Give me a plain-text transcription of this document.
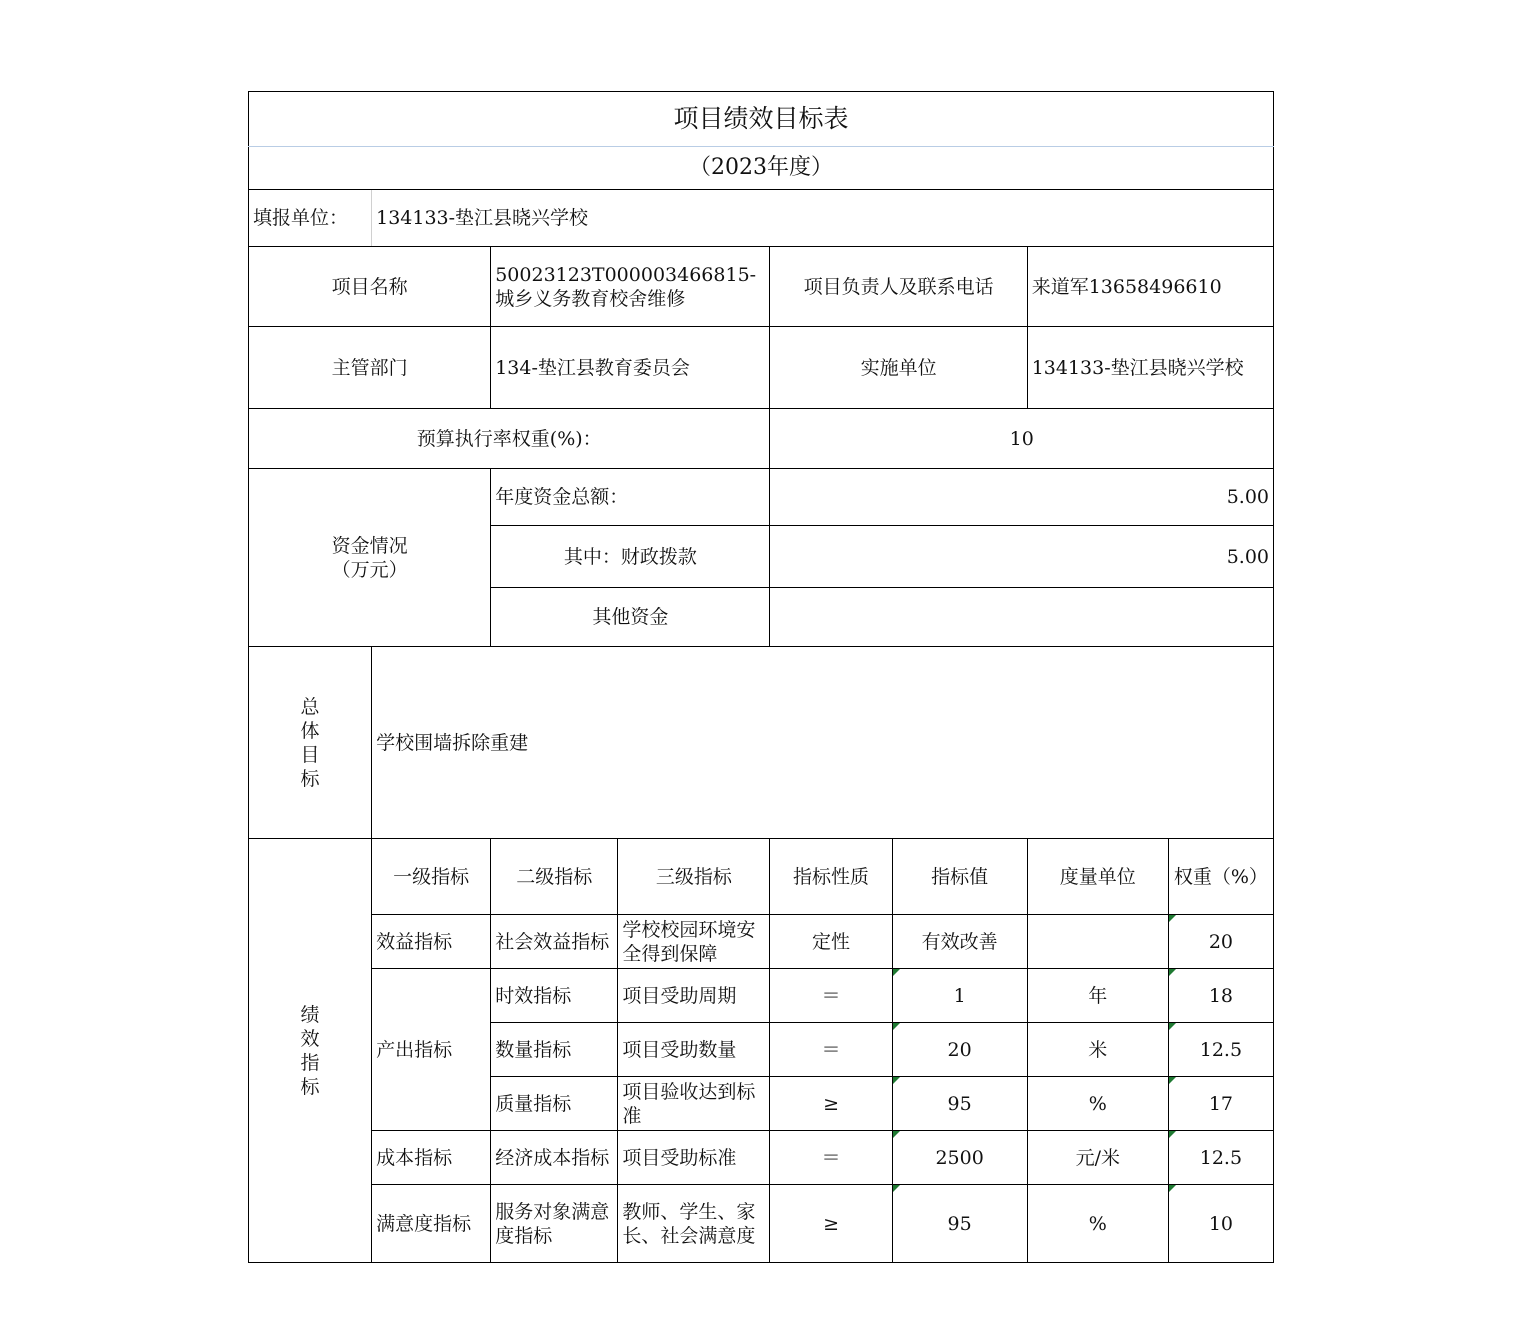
项目绩效目标表							
（2023年度）							
填报单位：	134133-垫江县晓兴学校						
项目名称		50023123T000003466815-城乡义务教育校舍维修		项目负责人及联系电话		来道军13658496610	
主管部门		134-垫江县教育委员会		实施单位		134133-垫江县晓兴学校	
预算执行率权重(%)：				10			
资金情况（万元）		年度资金总额：		5.00			
		其中：财政拨款		5.00			
		其他资金					
总体目标	学校围墙拆除重建						
绩效指标	一级指标	二级指标	三级指标	指标性质	指标值	度量单位	权重（%）
	效益指标	社会效益指标	学校校园环境安全得到保障	定性	有效改善		20
	产出指标	时效指标	项目受助周期	＝	1	年	18
		数量指标	项目受助数量	＝	20	米	12.5
		质量指标	项目验收达到标准	≥	95	%	17
	成本指标	经济成本指标	项目受助标准	＝	2500	元/米	12.5
	满意度指标	服务对象满意度指标	教师、学生、家长、社会满意度	≥	95	%	10
